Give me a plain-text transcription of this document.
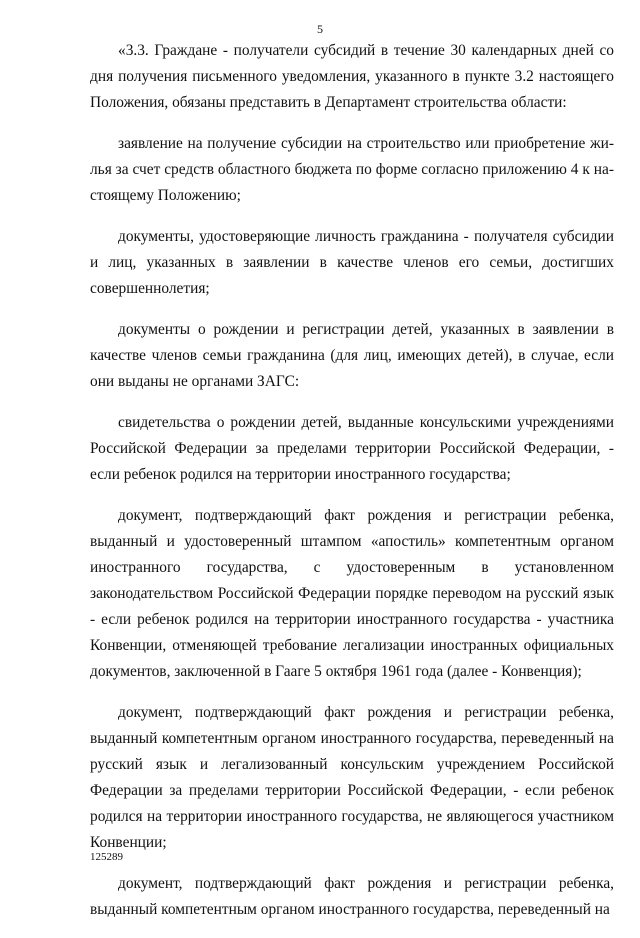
5

«3.3. Граждане - получатели субсидий в течение 30 календарных дней со дня получения письменного уведомления, указанного в пункте 3.2 настоящего Положения, обязаны представить в Департамент строительства области:

заявление на получение субсидии на строительство или приобретение жилья за счет средств областного бюджета по форме согласно приложению 4 к настоящему Положению;

документы, удостоверяющие личность гражданина - получателя субсидии и лиц, указанных в заявлении в качестве членов его семьи, достигших совершеннолетия;

документы о рождении и регистрации детей, указанных в заявлении в качестве членов семьи гражданина (для лиц, имеющих детей), в случае, если они выданы не органами ЗАГС:

свидетельства о рождении детей, выданные консульскими учреждениями Российской Федерации за пределами территории Российской Федерации, - если ребенок родился на территории иностранного государства;

документ, подтверждающий факт рождения и регистрации ребенка, выданный и удостоверенный штампом «апостиль» компетентным органом иностранного государства, с удостоверенным в установленном законодательством Российской Федерации порядке переводом на русский язык - если ребенок родился на территории иностранного государства - участника Конвенции, отменяющей требование легализации иностранных официальных документов, заключенной в Гааге 5 октября 1961 года (далее - Конвенция);

документ, подтверждающий факт рождения и регистрации ребенка, выданный компетентным органом иностранного государства, переведенный на русский язык и легализованный консульским учреждением Российской Федерации за пределами территории Российской Федерации, - если ребенок родился на территории иностранного государства, не являющегося участником Конвенции;

документ, подтверждающий факт рождения и регистрации ребенка, выданный компетентным органом иностранного государства, переведенный на

125289
